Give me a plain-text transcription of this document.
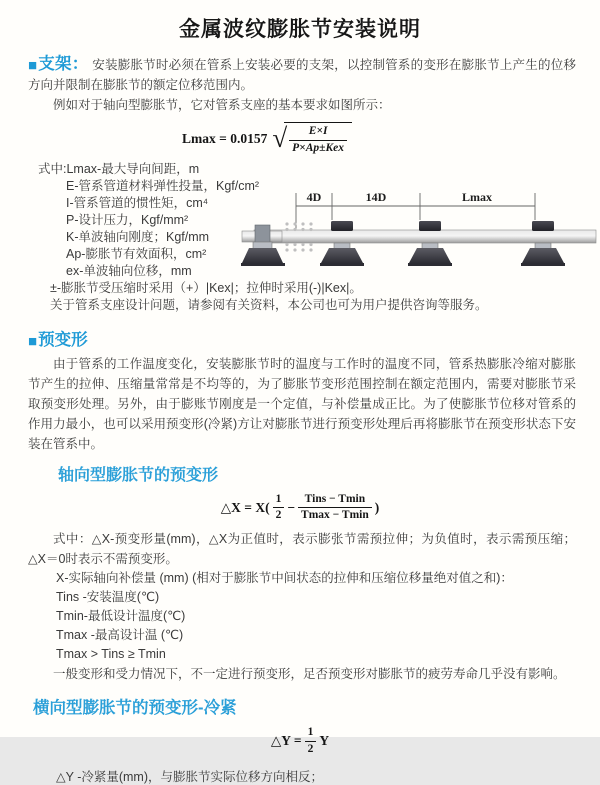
金属波纹膨胀节安装说明

■支架： 安装膨胀节时必须在管系上安装必要的支架，以控制管系的变形在膨胀节上产生的位移方向并限制在膨胀节的额定位移范围内。

例如对于轴向型膨胀节，它对管系支座的基本要求如图所示：

Lmax = 0.0157 √ $\frac{E\times I}{\text{P×Ap±Kex}}$
式中:Lmax-最大导向间距，m
E-管系管道材料弹性投量，Kgf/cm²
I-管系管道的惯性矩，cm⁴
P-设计压力，Kgf/mm²
K-单波轴向刚度；Kgf/mm
Ap-膨胀节有效面积，cm²
ex-单波轴向位移，mm
±-膨胀节受压缩时采用（+）|Kex|；拉伸时采用(-)|Kex|。
关于管系支座设计问题，请参阅有关资料，本公司也可为用户提供咨询等服务。
4D	14D	Lmax
■预变形

由于管系的工作温度变化，安装膨胀节时的温度与工作时的温度不同，管系热膨胀冷缩对膨胀节产生的拉伸、压缩量常常是不均等的，为了膨胀节变形范围控制在额定范围内，需要对膨胀节采取预变形处理。另外，由于膨账节刚度是一个定值，与补偿量成正比。为了使膨胀节位移对管系的作用力最小，也可以采用预变形(冷紧)方让对膨胀节进行预变形处理后再将膨胀节在预变形状态下安装在管系中。

轴向型膨胀节的预变形
△X = $X( \frac{1}{2} - \frac{\text{Tins − Tmin}}{Tmax - Tmin}$ )

式中：△X-预变形量(mm)，△X为正值时，表示膨张节需预拉伸；为负值时，表示需预压缩；△X＝0时表示不需预变形。

X-实际轴向补偿量 (mm) (相对于膨胀节中间状态的拉伸和压缩位移量绝对值之和)：
Tins -安装温度(℃)
Tmin-最低设计温度(℃)
Tmax -最高设计温 (℃)
Tmax > Tins ≥ Tmin

一般变形和受力情况下，不一定进行预变形，足否预变形对膨胀节的疲劳寿命几乎没有影响。

横向型膨胀节的预变形-冷紧
△Y = $\frac{1}{2}$ Y
△Y -冷紧量(mm)，与膨胀节实际位移方向相反；
